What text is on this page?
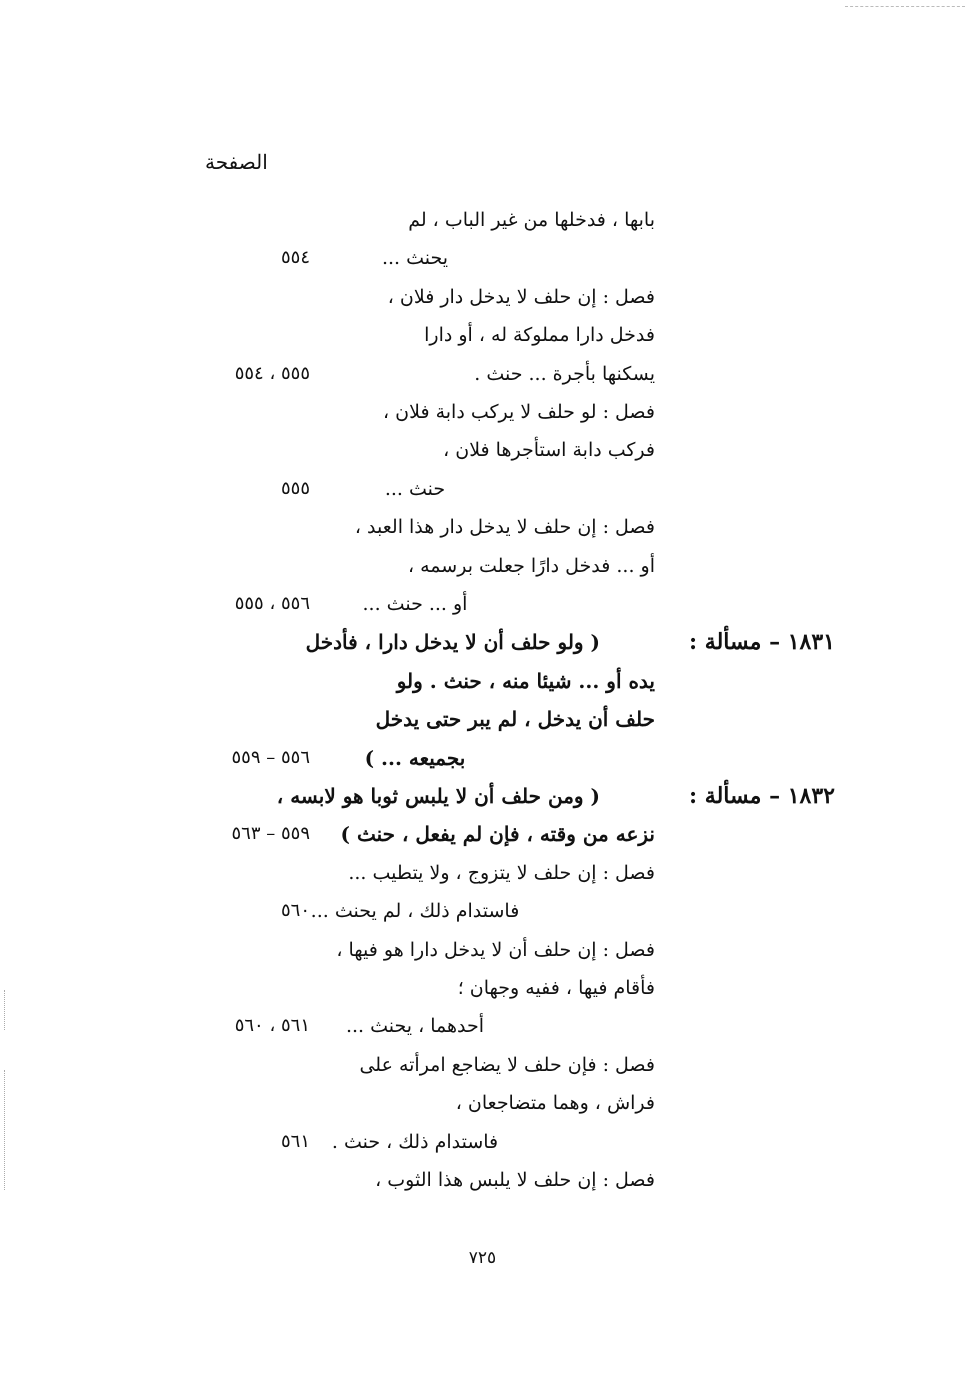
الصفحة
بابها ، فدخلها من غير الباب ، لم
يحنث ...
٥٥٤
فصل : إن حلف لا يدخل دار فلان ،
فدخل دارا مملوكة له ، أو دارا
يسكنها بأجرة ... حنث .
٥٥٥ ، ٥٥٤
فصل : لو حلف لا يركب دابة فلان ،
فركب دابة استأجرها فلان ،
حنث ...
٥٥٥
فصل : إن حلف لا يدخل دار هذا العبد ،
أو ... فدخل دارًا جعلت برسمه ،
أو ... حنث ...
٥٥٦ ، ٥٥٥
( ولو حلف أن لا يدخل دارا ، فأدخل	١٨٣١ – مسألة :
يده أو ... شيئا منه ، حنث . ولو
حلف أن يدخل ، لم يبر حتى يدخل
بجميعه ... )
٥٥٦ – ٥٥٩
( ومن حلف أن لا يلبس ثوبا هو لابسه ،	١٨٣٢ – مسألة :
نزعه من وقته ، فإن لم يفعل ، حنث )
٥٥٩ – ٥٦٣
فصل : إن حلف لا يتزوج ، ولا يتطيب ...
فاستدام ذلك ، لم يحنث ...
٥٦٠
فصل : إن حلف أن لا يدخل دارا هو فيها ،
فأقام فيها ، ففيه وجهان ؛
أحدهما ، يحنث ...
٥٦١ ، ٥٦٠
فصل : فإن حلف لا يضاجع امرأته على
فراش ، وهما متضاجعان ،
فاستدام ذلك ، حنث .
٥٦١
فصل : إن حلف لا يلبس هذا الثوب ،
٧٢٥
